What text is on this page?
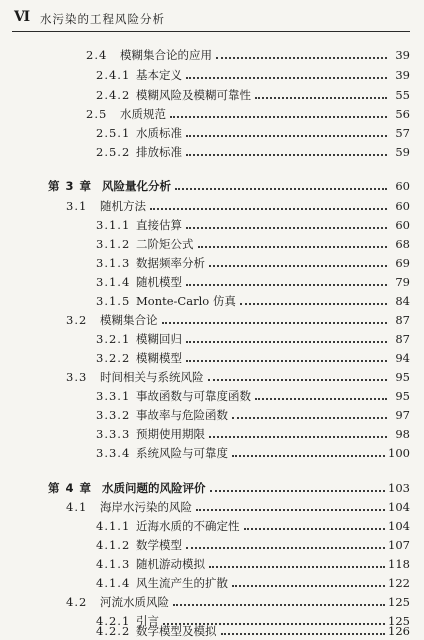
Ⅵ 水污染的工程风险分析
2.4	模糊集合论的应用	39
2.4.1 基本定义	39
2.4.2 模糊风险及模糊可靠性	55
2.5	水质规范	56
2.5.1 水质标准	57
2.5.2 排放标准	59
第 3 章 风险量化分析	60
3.1	随机方法	60
3.1.1 直接估算	60
3.1.2 二阶矩公式	68
3.1.3 数据频率分析	69
3.1.4 随机模型	79
3.1.5 Monte-Carlo 仿真	84
3.2	模糊集合论	87
3.2.1 模糊回归	87
3.2.2 模糊模型	94
3.3	时间相关与系统风险	95
3.3.1 事故函数与可靠度函数	95
3.3.2 事故率与危险函数	97
3.3.3 预期使用期限	98
3.3.4 系统风险与可靠度	100
第 4 章 水质问题的风险评价	103
4.1	海岸水污染的风险	104
4.1.1 近海水质的不确定性	104
4.1.2 数学模型	107
4.1.3 随机游动模拟	118
4.1.4 风生流产生的扩散	122
4.2	河流水质风险	125
4.2.1 引言	125
4.2.2 数学模型及模拟	126
